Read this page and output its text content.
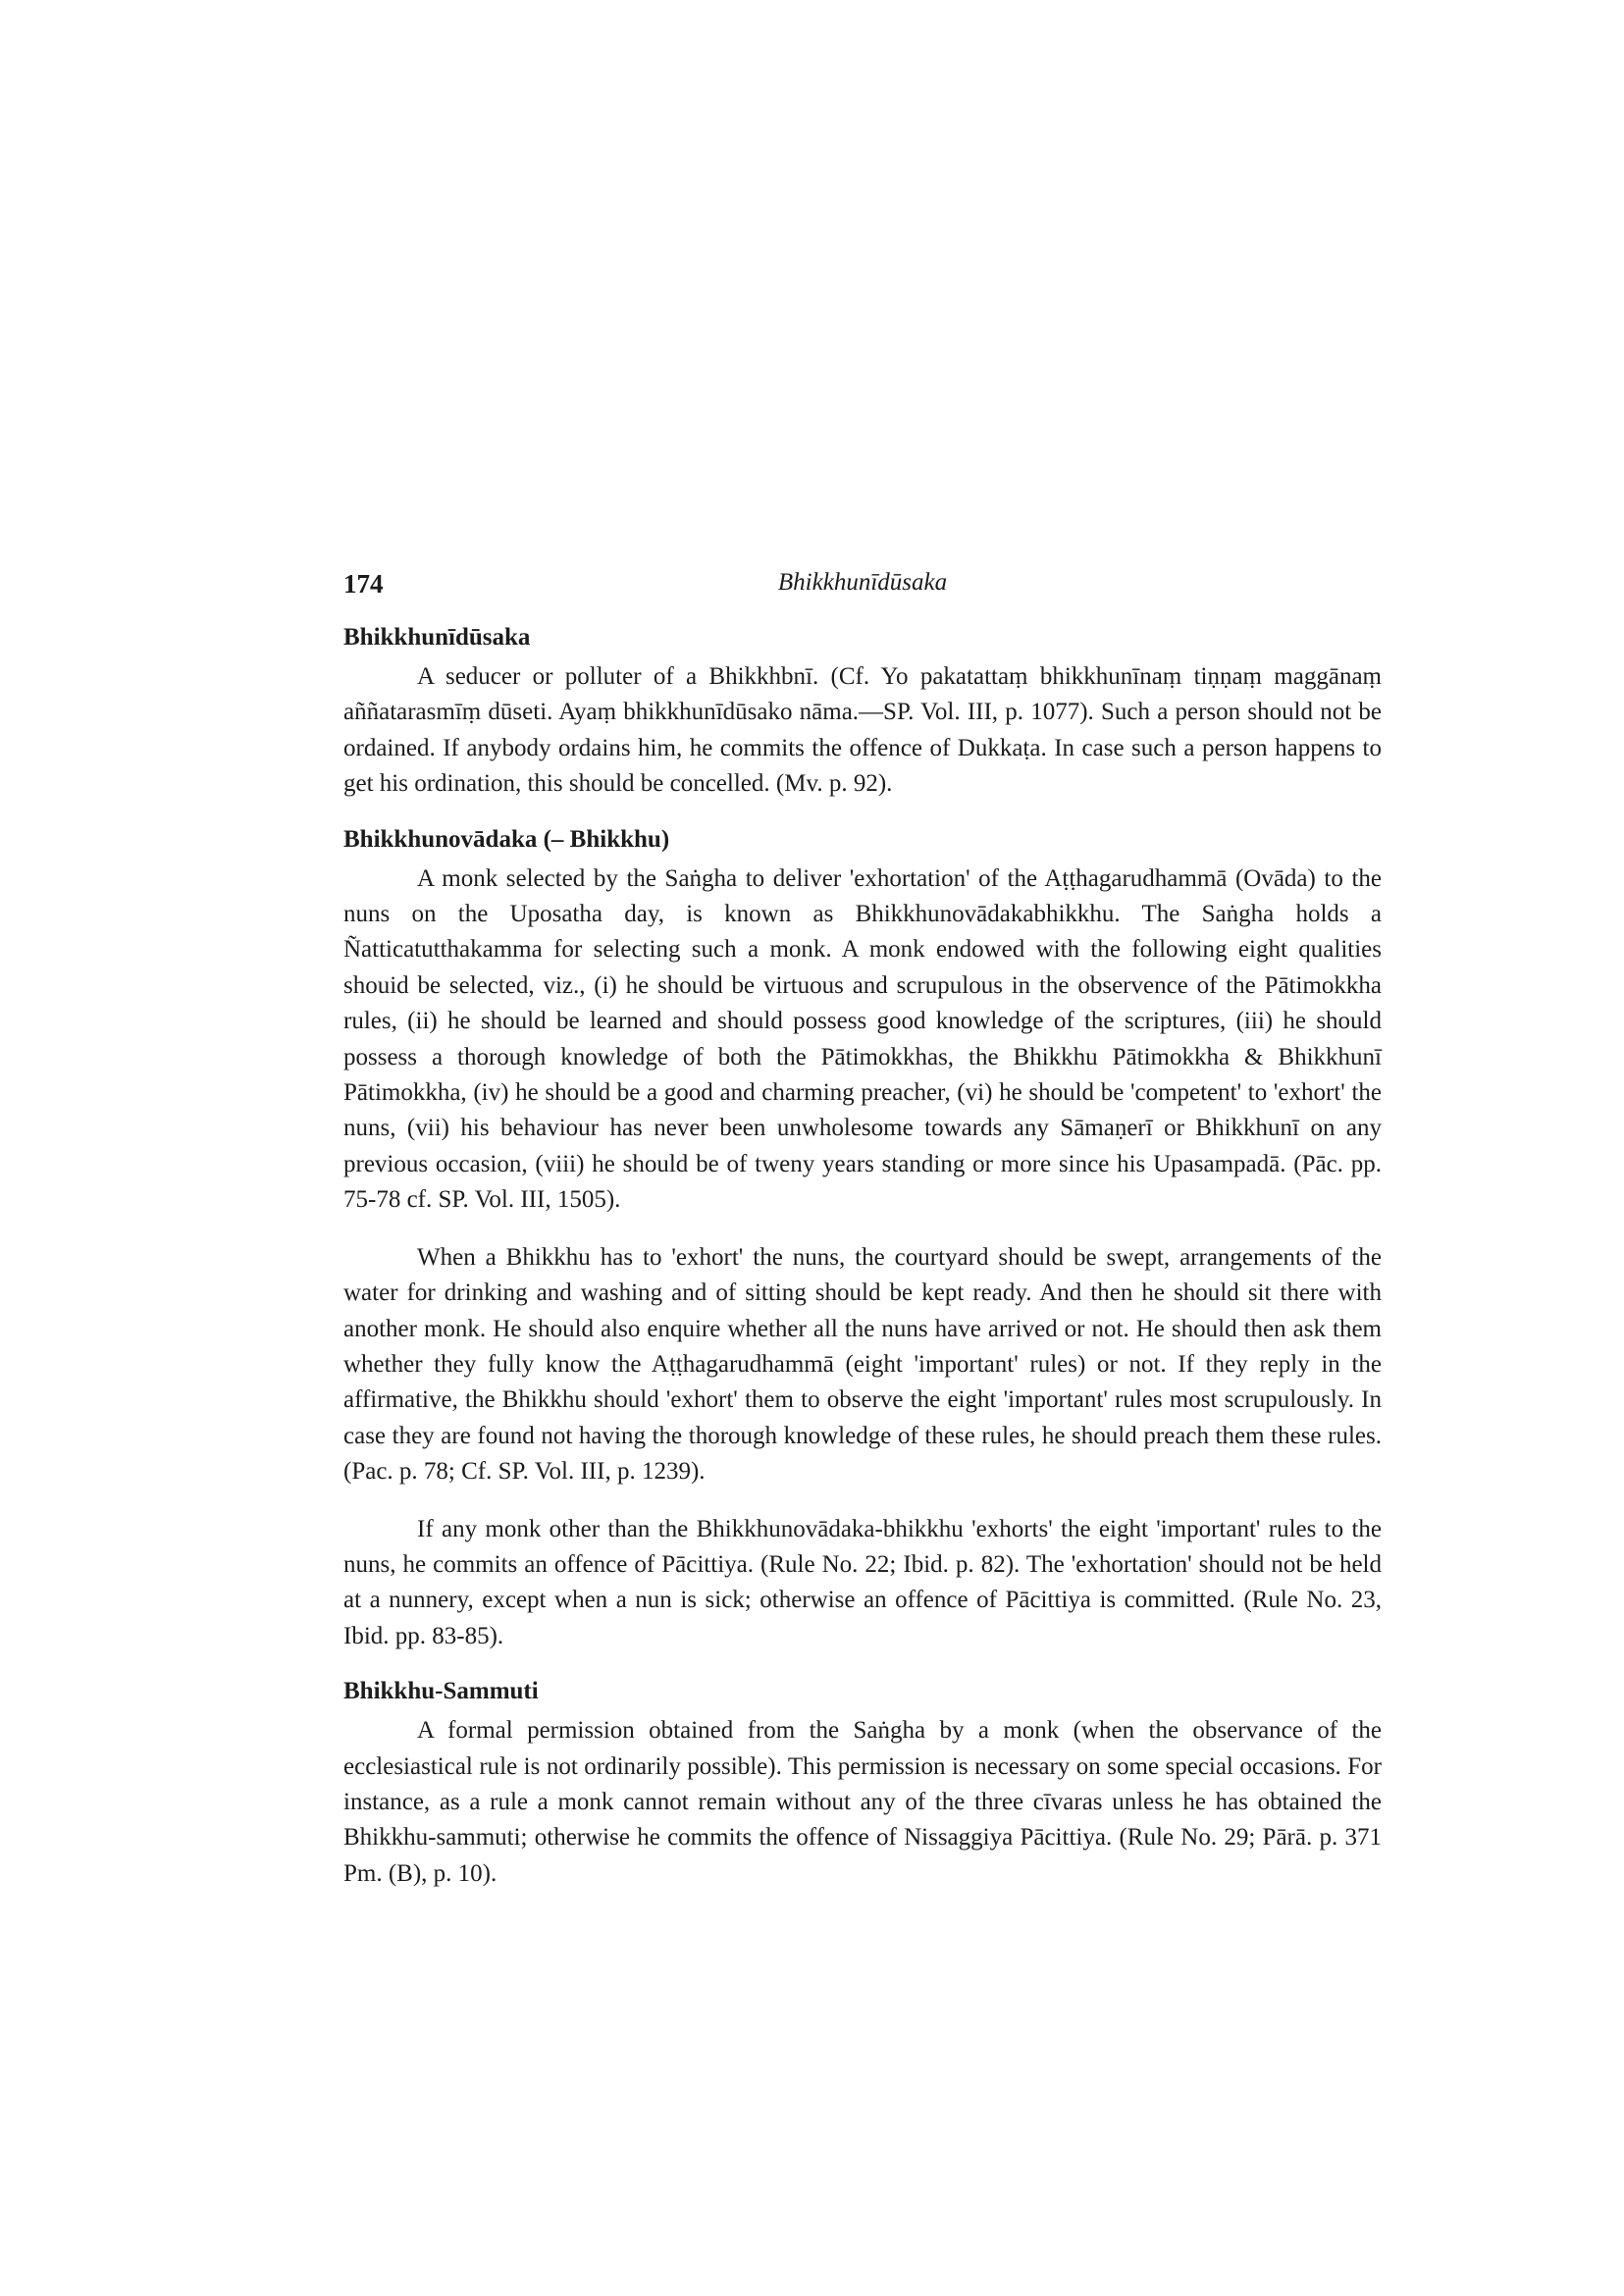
174	Bhikkhunīdūsaka
Bhikkhunīdūsaka

A seducer or polluter of a Bhikkhbnī. (Cf. Yo pakatattaṃ bhikkhunīnaṃ tiṇṇaṃ maggānaṃ aññatarasmīṃ dūseti. Ayaṃ bhikkhunīdūsako nāma.—SP. Vol. III, p. 1077). Such a person should not be ordained. If anybody ordains him, he commits the offence of Dukkaṭa. In case such a person happens to get his ordination, this should be concelled. (Mv. p. 92).

Bhikkhunovādaka (– Bhikkhu)

A monk selected by the Saṅgha to deliver 'exhortation' of the Aṭṭhagarudhammā (Ovāda) to the nuns on the Uposatha day, is known as Bhikkhunovādakabhikkhu. The Saṅgha holds a Ñatticatutthakamma for selecting such a monk. A monk endowed with the following eight qualities shouid be selected, viz., (i) he should be virtuous and scrupulous in the observence of the Pātimokkha rules, (ii) he should be learned and should possess good knowledge of the scriptures, (iii) he should possess a thorough knowledge of both the Pātimokkhas, the Bhikkhu Pātimokkha & Bhikkhunī Pātimokkha, (iv) he should be a good and charming preacher, (vi) he should be 'competent' to 'exhort' the nuns, (vii) his behaviour has never been unwholesome towards any Sāmaṇerī or Bhikkhunī on any previous occasion, (viii) he should be of tweny years standing or more since his Upasampadā. (Pāc. pp. 75-78 cf. SP. Vol. III, 1505).

When a Bhikkhu has to 'exhort' the nuns, the courtyard should be swept, arrangements of the water for drinking and washing and of sitting should be kept ready. And then he should sit there with another monk. He should also enquire whether all the nuns have arrived or not. He should then ask them whether they fully know the Aṭṭhagarudhammā (eight 'important' rules) or not. If they reply in the affirmative, the Bhikkhu should 'exhort' them to observe the eight 'important' rules most scrupulously. In case they are found not having the thorough knowledge of these rules, he should preach them these rules. (Pac. p. 78; Cf. SP. Vol. III, p. 1239).

If any monk other than the Bhikkhunovādaka-bhikkhu 'exhorts' the eight 'important' rules to the nuns, he commits an offence of Pācittiya. (Rule No. 22; Ibid. p. 82). The 'exhortation' should not be held at a nunnery, except when a nun is sick; otherwise an offence of Pācittiya is committed. (Rule No. 23, Ibid. pp. 83-85).

Bhikkhu-Sammuti

A formal permission obtained from the Saṅgha by a monk (when the observance of the ecclesiastical rule is not ordinarily possible). This permission is necessary on some special occasions. For instance, as a rule a monk cannot remain without any of the three cīvaras unless he has obtained the Bhikkhu-sammuti; otherwise he commits the offence of Nissaggiya Pācittiya. (Rule No. 29; Pārā. p. 371 Pm. (B), p. 10).
